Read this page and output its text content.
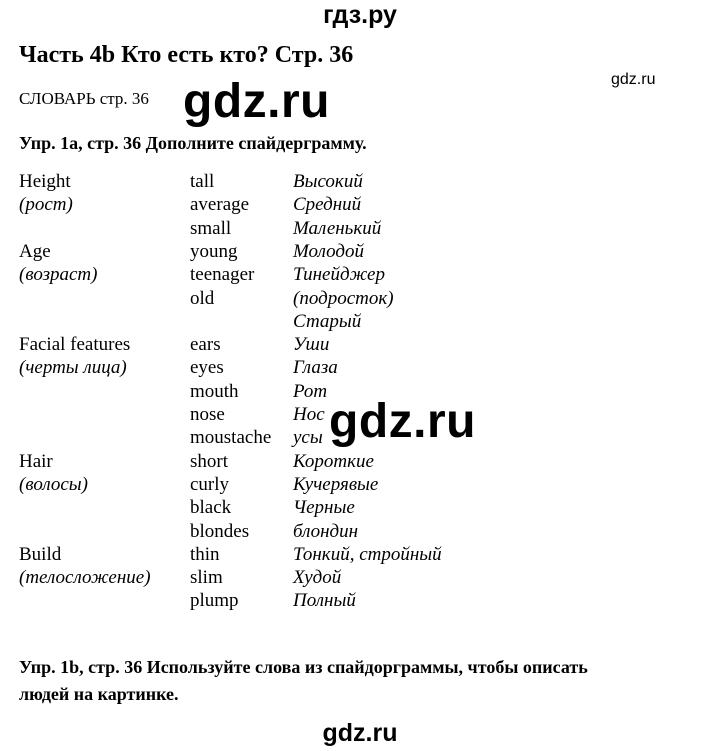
гдз.ру
Часть 4b Кто есть кто? Стр. 36
gdz.ru
СЛОВАРЬ стр. 36 gdz.ru
Упр. 1a, стр. 36 Дополните спайдерграмму.
Height	tall	Высокий
(рост)	average Средний
small	Маленький
Age	young	Молодой
(возраст)	teenager Тинейджер
old	(подросток)
Старый
Facial features	ears	Уши
(черты лица)	eyes	Глаза
mouth	Рот
nose	Нос
moustache усы
Hair	short	Короткие
(волосы)	curly	Кучерявые
black	Черные
blondes блондин
Build	thin	Тонкий, стройный
(телосложение) slim	Худой
plump	Полный
gdz.ru
Упр. 1b, стр. 36 Используйте слова из спайдорграммы, чтобы описать
людей на картинке.
gdz.ru
